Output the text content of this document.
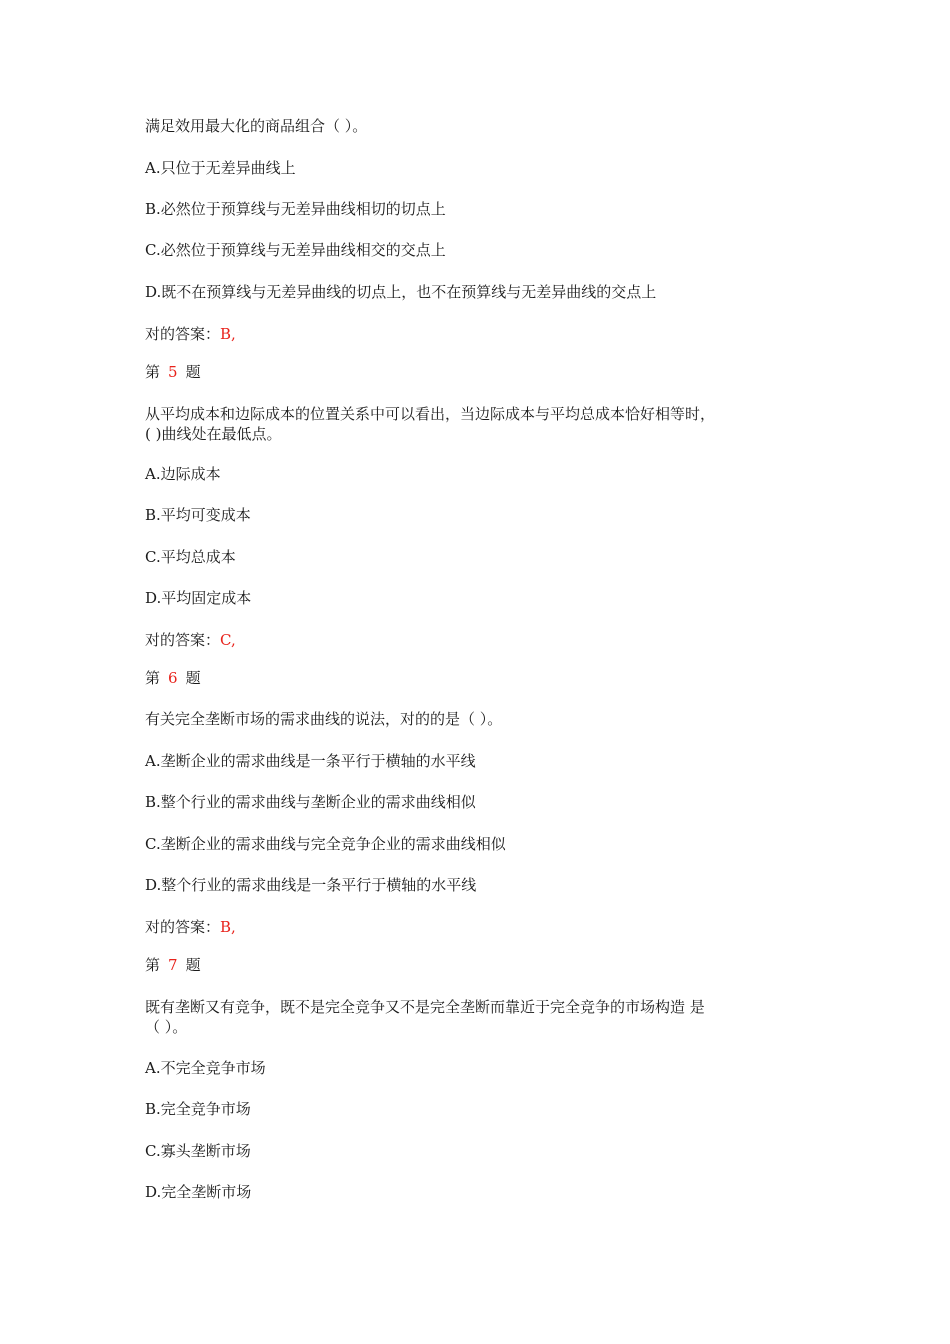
满足效用最大化的商品组合（ ）。
A.只位于无差异曲线上
B.必然位于预算线与无差异曲线相切的切点上
C.必然位于预算线与无差异曲线相交的交点上
D.既不在预算线与无差异曲线的切点上，也不在预算线与无差异曲线的交点上
对的答案：B,
第 5 题
从平均成本和边际成本的位置关系中可以看出，当边际成本与平均总成本恰好相等时，
( )曲线处在最低点。
A.边际成本
B.平均可变成本
C.平均总成本
D.平均固定成本
对的答案：C,
第 6 题
有关完全垄断市场的需求曲线的说法，对的的是（ ）。
A.垄断企业的需求曲线是一条平行于横轴的水平线
B.整个行业的需求曲线与垄断企业的需求曲线相似
C.垄断企业的需求曲线与完全竞争企业的需求曲线相似
D.整个行业的需求曲线是一条平行于横轴的水平线
对的答案：B,
第 7 题
既有垄断又有竞争，既不是完全竞争又不是完全垄断而靠近于完全竞争的市场构造 是
（ ）。
A.不完全竞争市场
B.完全竞争市场
C.寡头垄断市场
D.完全垄断市场
